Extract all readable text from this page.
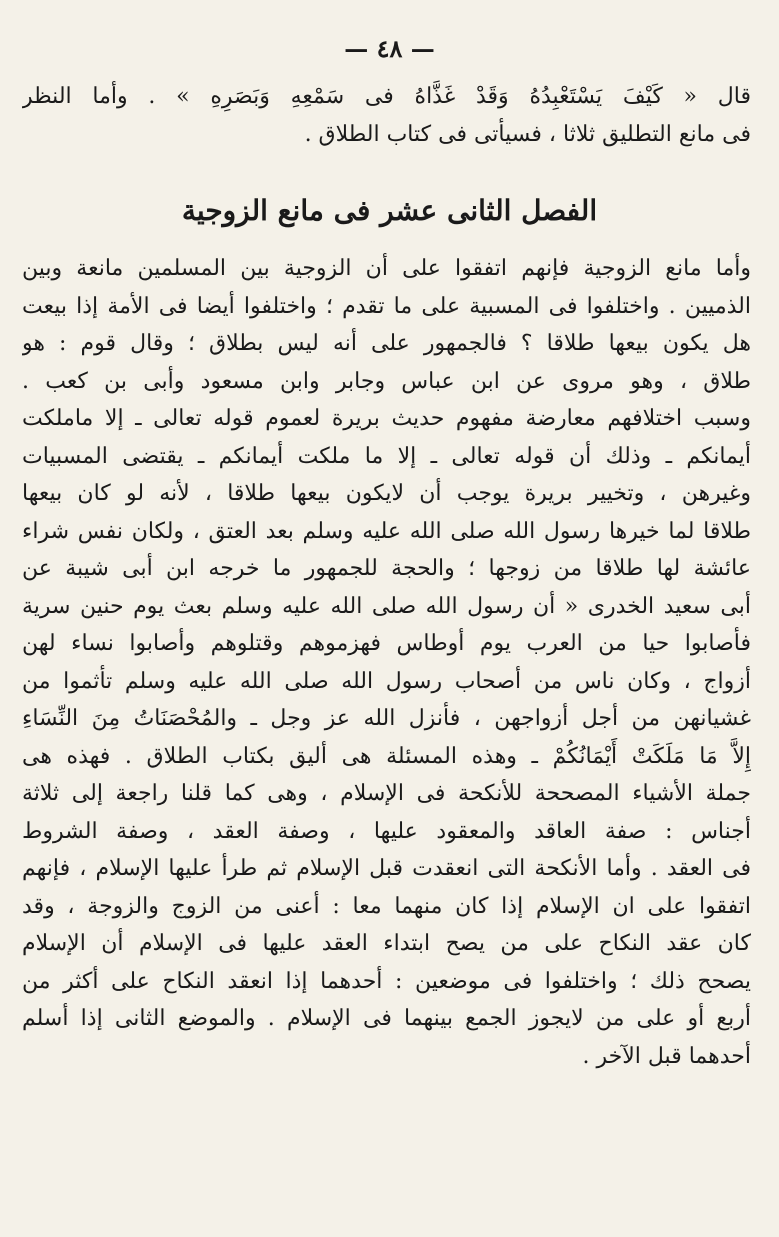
— ٤٨ —
قال « كَيْفَ يَسْتَعْبِدُهُ وَقَدْ غَذَّاهُ فى سَمْعِهِ وَبَصَرِهِ » . وأما النظر
فى مانع التطليق ثلاثا ، فسيأتى فى كتاب الطلاق .
الفصل الثانى عشر فى مانع الزوجية
وأما مانع الزوجية فإنهم اتفقوا على أن الزوجية بين المسلمين مانعة وبين
الذميين . واختلفوا فى المسبية على ما تقدم ؛ واختلفوا أيضا فى الأمة إذا بيعت
هل يكون بيعها طلاقا ؟ فالجمهور على أنه ليس بطلاق ؛ وقال قوم : هو
طلاق ، وهو مروى عن ابن عباس وجابر وابن مسعود وأبى بن كعب .
وسبب اختلافهم معارضة مفهوم حديث بريرة لعموم قوله تعالى ـ إلا ماملكت
أيمانكم ـ وذلك أن قوله تعالى ـ إلا ما ملكت أيمانكم ـ يقتضى المسبيات
وغيرهن ، وتخيير بريرة يوجب أن لايكون بيعها طلاقا ، لأنه لو كان بيعها
طلاقا لما خيرها رسول الله صلى الله عليه وسلم بعد العتق ، ولكان نفس شراء
عائشة لها طلاقا من زوجها ؛ والحجة للجمهور ما خرجه ابن أبى شيبة عن
أبى سعيد الخدرى « أن رسول الله صلى الله عليه وسلم بعث يوم حنين سرية
فأصابوا حيا من العرب يوم أوطاس فهزموهم وقتلوهم وأصابوا نساء لهن
أزواج ، وكان ناس من أصحاب رسول الله صلى الله عليه وسلم تأثموا من
غشيانهن من أجل أزواجهن ، فأنزل الله عز وجل ـ والمُحْصَنَاتُ مِنَ النِّسَاءِ
إِلاَّ مَا مَلَكَتْ أَيْمَانُكُمْ ـ وهذه المسئلة هى أليق بكتاب الطلاق . فهذه هى
جملة الأشياء المصححة للأنكحة فى الإسلام ، وهى كما قلنا راجعة إلى ثلاثة
أجناس : صفة العاقد والمعقود عليها ، وصفة العقد ، وصفة الشروط
فى العقد . وأما الأنكحة التى انعقدت قبل الإسلام ثم طرأ عليها الإسلام ، فإنهم
اتفقوا على ان الإسلام إذا كان منهما معا : أعنى من الزوج والزوجة ، وقد
كان عقد النكاح على من يصح ابتداء العقد عليها فى الإسلام أن الإسلام
يصحح ذلك ؛ واختلفوا فى موضعين : أحدهما إذا انعقد النكاح على أكثر من
أربع أو على من لايجوز الجمع بينهما فى الإسلام . والموضع الثانى إذا أسلم
أحدهما قبل الآخر .
